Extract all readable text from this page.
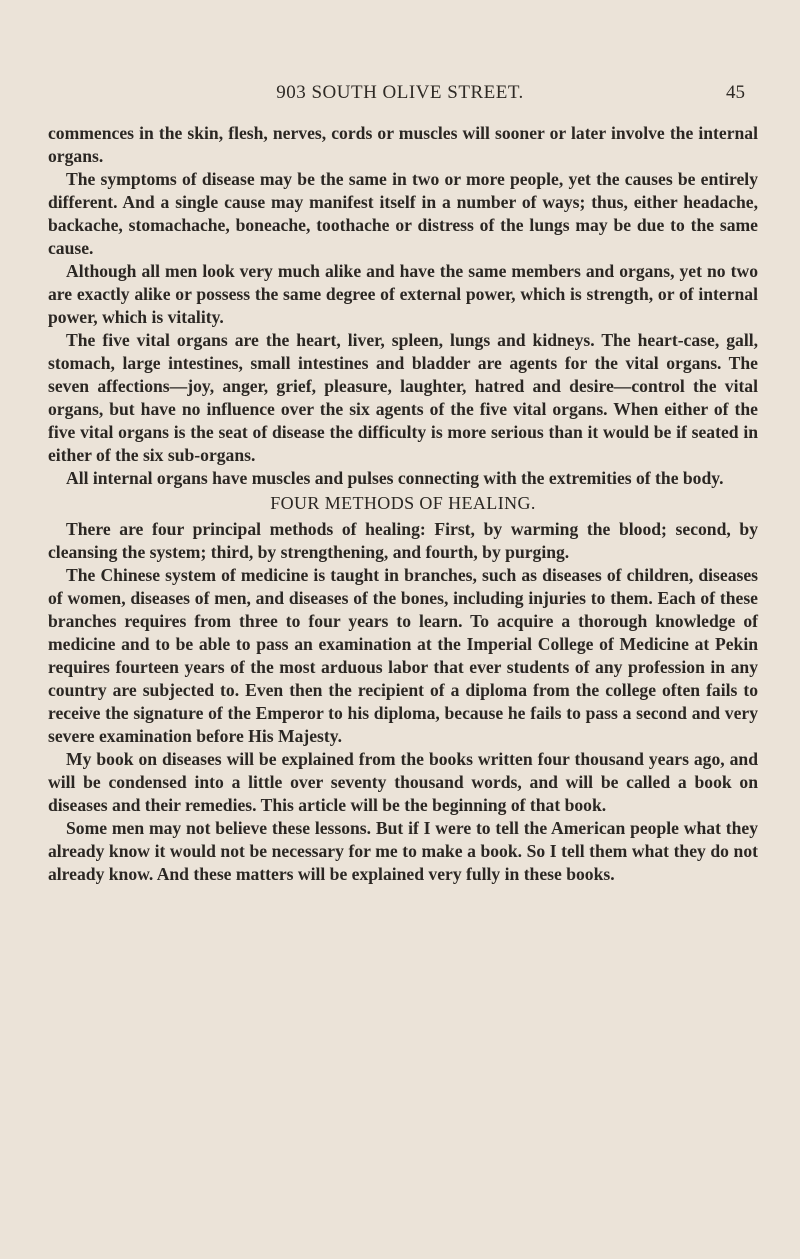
903 SOUTH OLIVE STREET.	45

commences in the skin, flesh, nerves, cords or muscles will sooner or later involve the internal organs.

The symptoms of disease may be the same in two or more people, yet the causes be entirely different. And a single cause may manifest itself in a number of ways; thus, either headache, backache, stomachache, boneache, toothache or distress of the lungs may be due to the same cause.

Although all men look very much alike and have the same members and organs, yet no two are exactly alike or possess the same degree of external power, which is strength, or of internal power, which is vitality.

The five vital organs are the heart, liver, spleen, lungs and kidneys. The heart-case, gall, stomach, large intestines, small intestines and bladder are agents for the vital organs. The seven affections—joy, anger, grief, pleasure, laughter, hatred and desire—control the vital organs, but have no influence over the six agents of the five vital organs. When either of the five vital organs is the seat of disease the difficulty is more serious than it would be if seated in either of the six sub-organs.

All internal organs have muscles and pulses connecting with the extremities of the body.

FOUR METHODS OF HEALING.

There are four principal methods of healing: First, by warming the blood; second, by cleansing the system; third, by strengthening, and fourth, by purging.

The Chinese system of medicine is taught in branches, such as diseases of children, diseases of women, diseases of men, and diseases of the bones, including injuries to them. Each of these branches requires from three to four years to learn. To acquire a thorough knowledge of medicine and to be able to pass an examination at the Imperial College of Medicine at Pekin requires fourteen years of the most arduous labor that ever students of any profession in any country are subjected to. Even then the recipient of a diploma from the college often fails to receive the signature of the Emperor to his diploma, because he fails to pass a second and very severe examination before His Majesty.

My book on diseases will be explained from the books written four thousand years ago, and will be condensed into a little over seventy thousand words, and will be called a book on diseases and their remedies. This article will be the beginning of that book.

Some men may not believe these lessons. But if I were to tell the American people what they already know it would not be necessary for me to make a book. So I tell them what they do not already know. And these matters will be explained very fully in these books.
